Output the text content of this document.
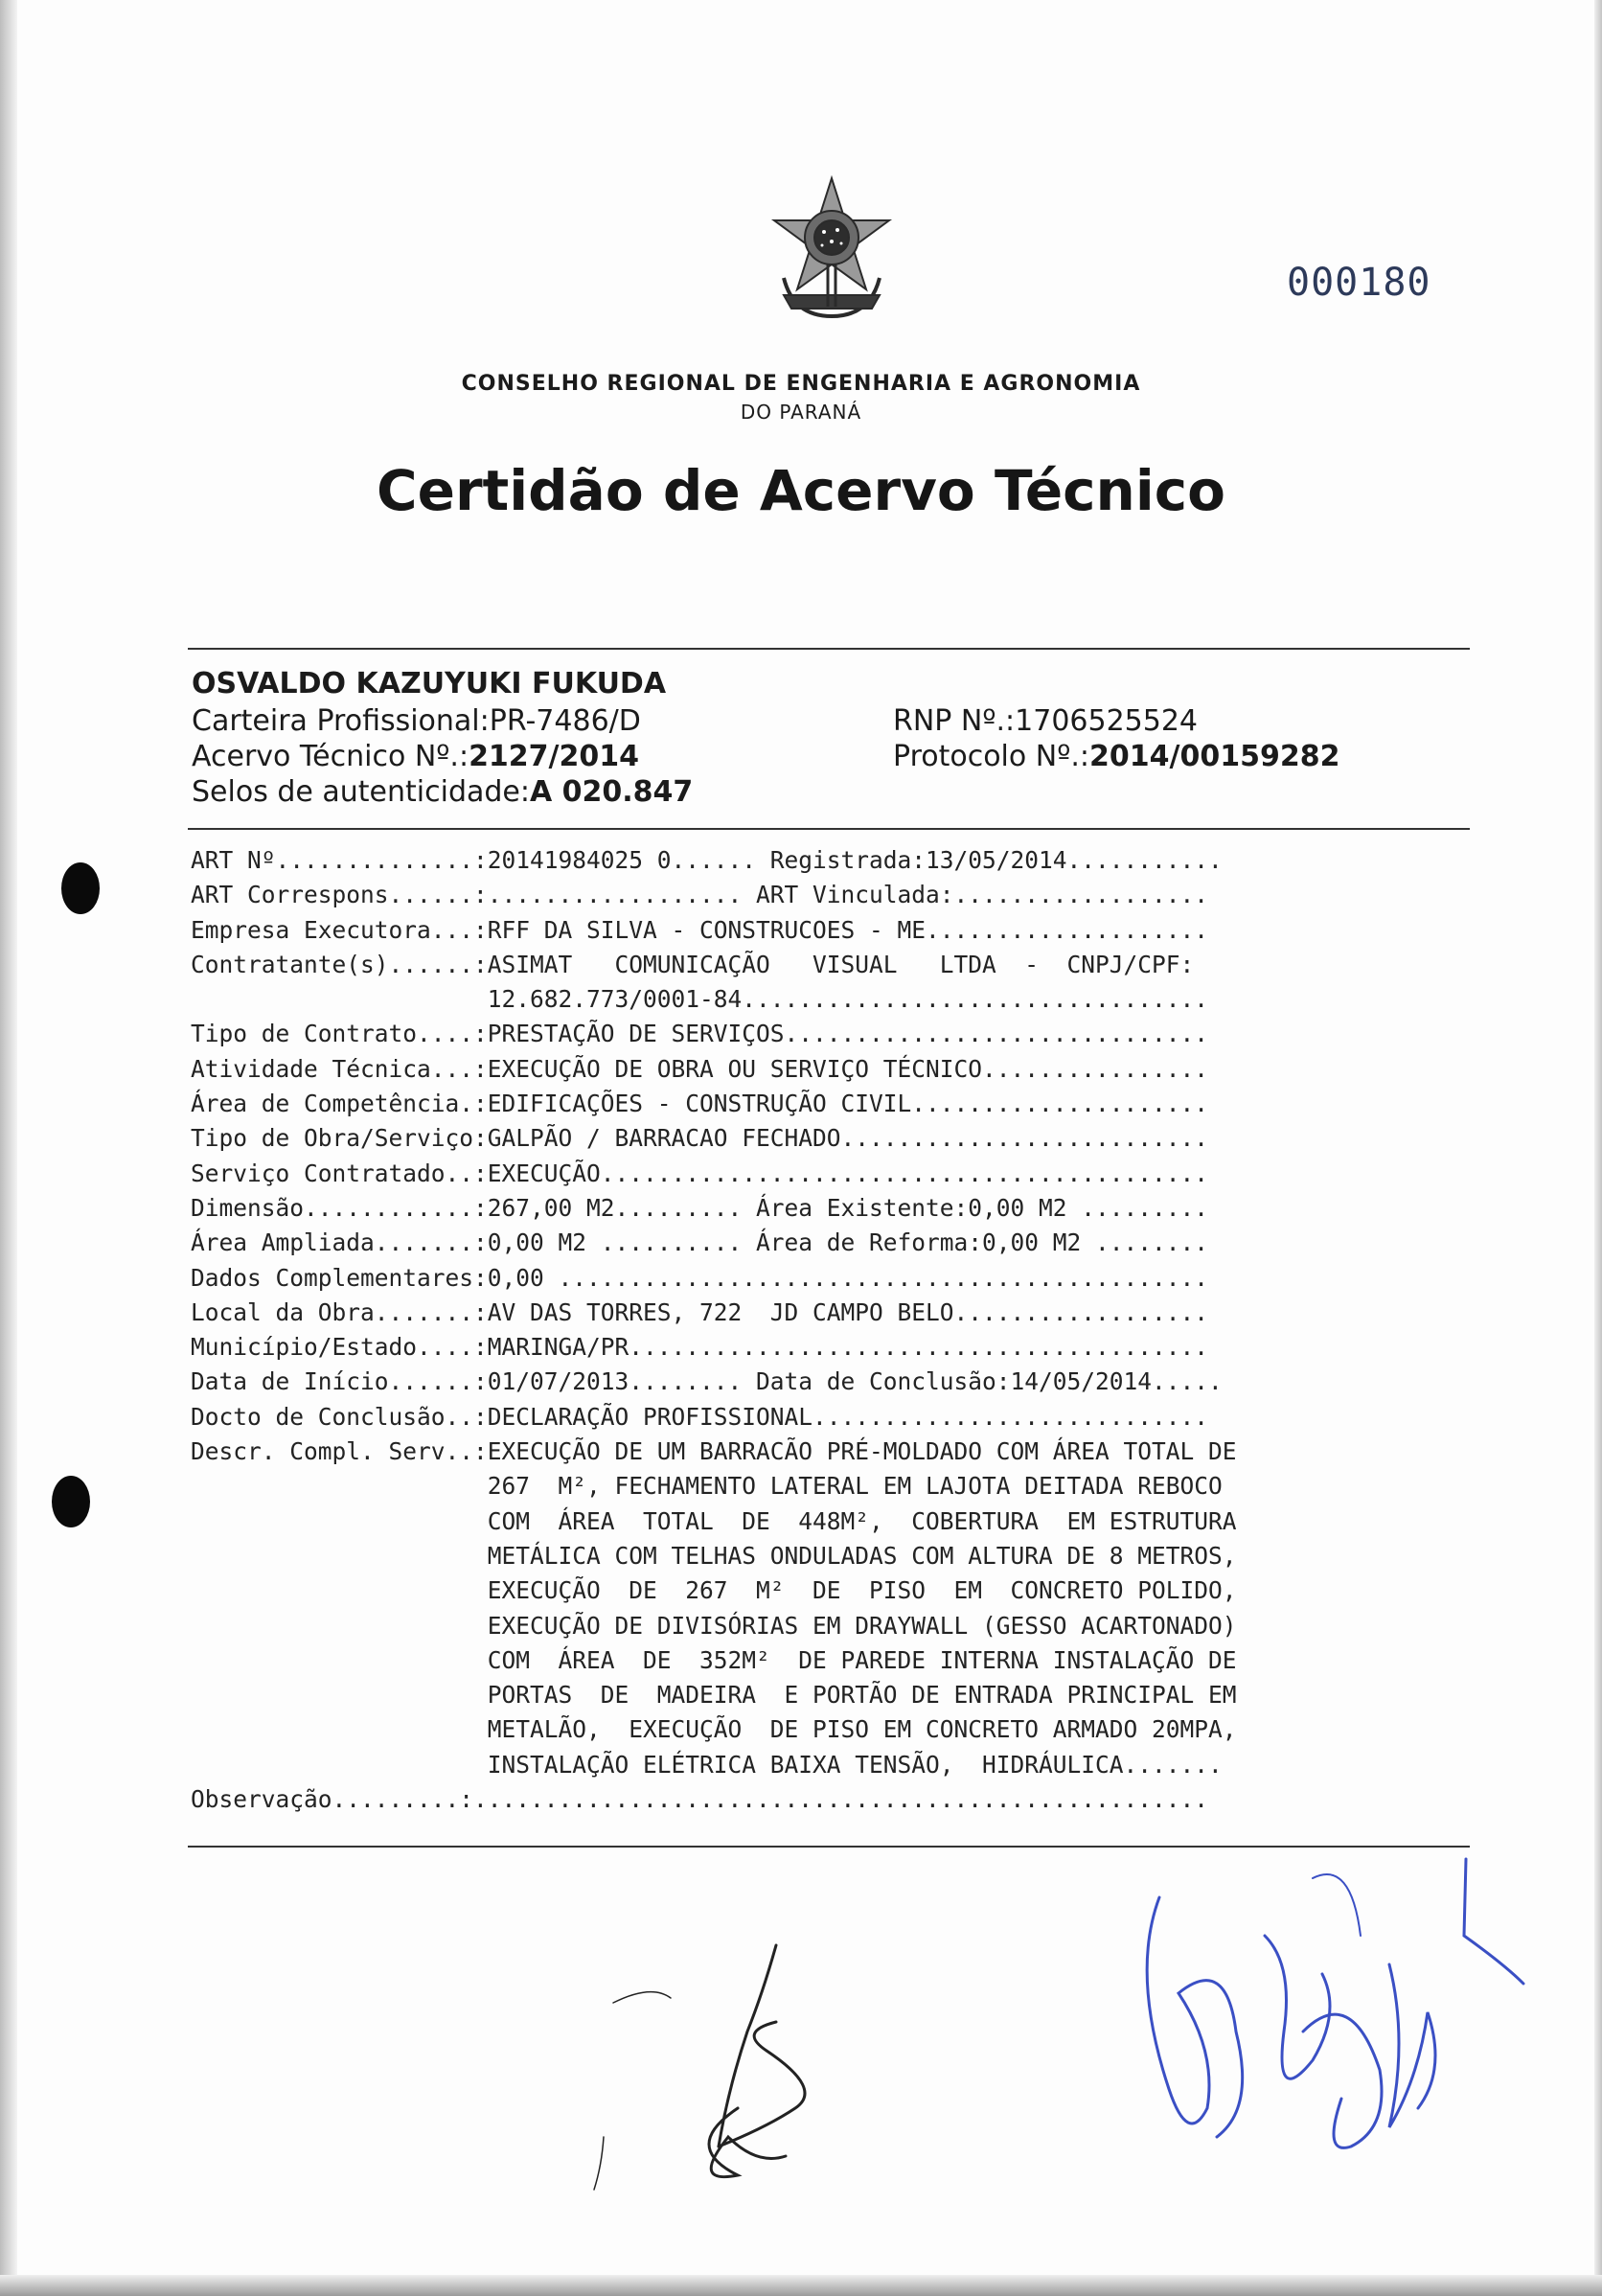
000180
CONSELHO REGIONAL DE ENGENHARIA E AGRONOMIA
DO PARANÁ
Certidão de Acervo Técnico
OSVALDO KAZUYUKI FUKUDA
Carteira Profissional:PR-7486/D
Acervo Técnico Nº.:2127/2014
Selos de autenticidade:A 020.847
RNP Nº.:1706525524
Protocolo Nº.:2014/00159282
ART Nº..............:20141984025 0...... Registrada:13/05/2014...........
ART Correspons......:.................. ART Vinculada:..................
Empresa Executora...:RFF DA SILVA - CONSTRUCOES - ME....................
Contratante(s)......:ASIMAT   COMUNICAÇÃO   VISUAL   LTDA  -  CNPJ/CPF:
12.682.773/0001-84.................................
Tipo de Contrato....:PRESTAÇÃO DE SERVIÇOS..............................
Atividade Técnica...:EXECUÇÃO DE OBRA OU SERVIÇO TÉCNICO................
Área de Competência.:EDIFICAÇÕES - CONSTRUÇÃO CIVIL.....................
Tipo de Obra/Serviço:GALPÃO / BARRACAO FECHADO..........................
Serviço Contratado..:EXECUÇÃO...........................................
Dimensão............:267,00 M2......... Área Existente:0,00 M2 .........
Área Ampliada.......:0,00 M2 .......... Área de Reforma:0,00 M2 ........
Dados Complementares:0,00 ..............................................
Local da Obra.......:AV DAS TORRES, 722  JD CAMPO BELO..................
Município/Estado....:MARINGA/PR.........................................
Data de Início......:01/07/2013........ Data de Conclusão:14/05/2014.....
Docto de Conclusão..:DECLARAÇÃO PROFISSIONAL............................
Descr. Compl. Serv..:EXECUÇÃO DE UM BARRACÃO PRÉ-MOLDADO COM ÁREA TOTAL DE
267  M², FECHAMENTO LATERAL EM LAJOTA DEITADA REBOCO
COM  ÁREA  TOTAL  DE  448M²,  COBERTURA  EM ESTRUTURA
METÁLICA COM TELHAS ONDULADAS COM ALTURA DE 8 METROS,
EXECUÇÃO  DE  267  M²  DE  PISO  EM  CONCRETO POLIDO,
EXECUÇÃO DE DIVISÓRIAS EM DRAYWALL (GESSO ACARTONADO)
COM  ÁREA  DE  352M²  DE PAREDE INTERNA INSTALAÇÃO DE
PORTAS  DE  MADEIRA  E PORTÃO DE ENTRADA PRINCIPAL EM
METALÃO,  EXECUÇÃO  DE PISO EM CONCRETO ARMADO 20MPA,
INSTALAÇÃO ELÉTRICA BAIXA TENSÃO,  HIDRÁULICA.......
Observação.........:....................................................
